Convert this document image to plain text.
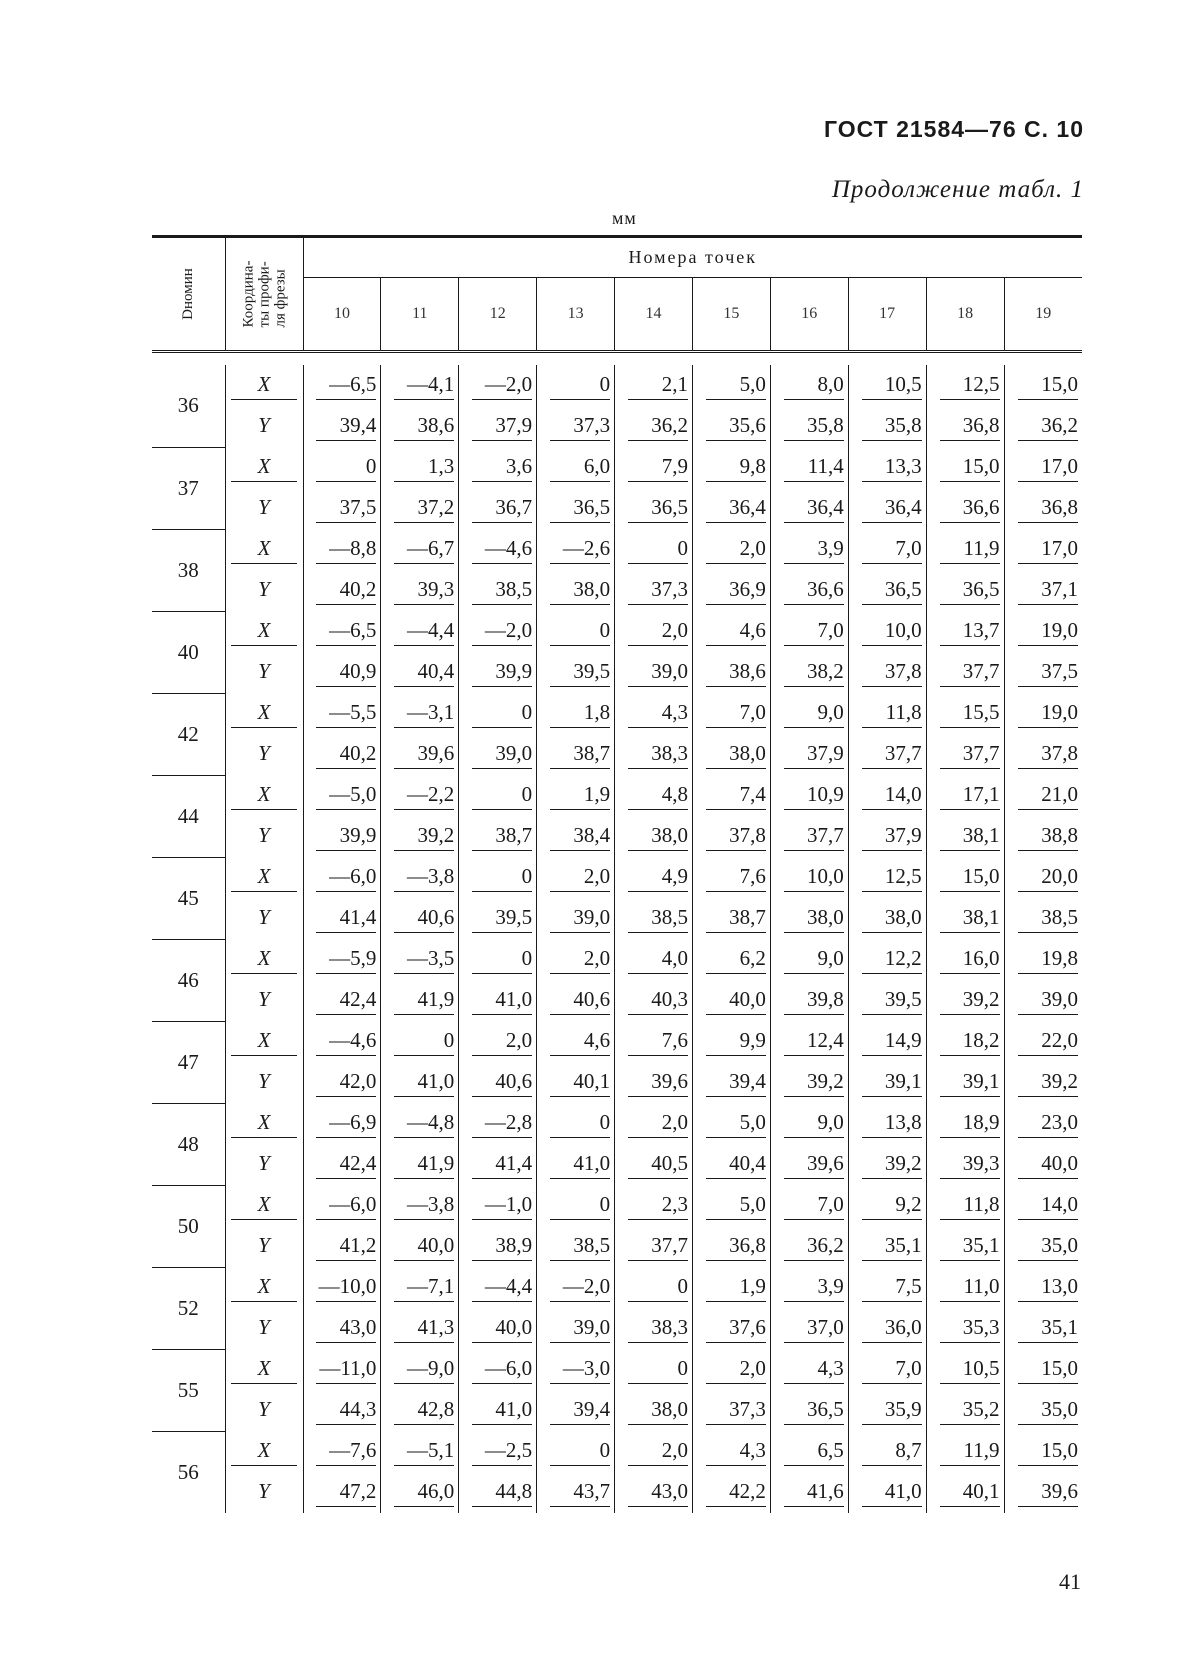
ГОСТ 21584—76 С. 10
Продолжение табл. 1
мм
Dномин	Координа- ты профи- ля фрезы	Номера точек									
		10	11	12	13	14	15	16	17	18	19

36	X	—6,5	—4,1	—2,0	0	2,1	5,0	8,0	10,5	12,5	15,0
	Y	39,4	38,6	37,9	37,3	36,2	35,6	35,8	35,8	36,8	36,2
37	X	0	1,3	3,6	6,0	7,9	9,8	11,4	13,3	15,0	17,0
	Y	37,5	37,2	36,7	36,5	36,5	36,4	36,4	36,4	36,6	36,8
38	X	—8,8	—6,7	—4,6	—2,6	0	2,0	3,9	7,0	11,9	17,0
	Y	40,2	39,3	38,5	38,0	37,3	36,9	36,6	36,5	36,5	37,1
40	X	—6,5	—4,4	—2,0	0	2,0	4,6	7,0	10,0	13,7	19,0
	Y	40,9	40,4	39,9	39,5	39,0	38,6	38,2	37,8	37,7	37,5
42	X	—5,5	—3,1	0	1,8	4,3	7,0	9,0	11,8	15,5	19,0
	Y	40,2	39,6	39,0	38,7	38,3	38,0	37,9	37,7	37,7	37,8
44	X	—5,0	—2,2	0	1,9	4,8	7,4	10,9	14,0	17,1	21,0
	Y	39,9	39,2	38,7	38,4	38,0	37,8	37,7	37,9	38,1	38,8
45	X	—6,0	—3,8	0	2,0	4,9	7,6	10,0	12,5	15,0	20,0
	Y	41,4	40,6	39,5	39,0	38,5	38,7	38,0	38,0	38,1	38,5
46	X	—5,9	—3,5	0	2,0	4,0	6,2	9,0	12,2	16,0	19,8
	Y	42,4	41,9	41,0	40,6	40,3	40,0	39,8	39,5	39,2	39,0
47	X	—4,6	0	2,0	4,6	7,6	9,9	12,4	14,9	18,2	22,0
	Y	42,0	41,0	40,6	40,1	39,6	39,4	39,2	39,1	39,1	39,2
48	X	—6,9	—4,8	—2,8	0	2,0	5,0	9,0	13,8	18,9	23,0
	Y	42,4	41,9	41,4	41,0	40,5	40,4	39,6	39,2	39,3	40,0
50	X	—6,0	—3,8	—1,0	0	2,3	5,0	7,0	9,2	11,8	14,0
	Y	41,2	40,0	38,9	38,5	37,7	36,8	36,2	35,1	35,1	35,0
52	X	—10,0	—7,1	—4,4	—2,0	0	1,9	3,9	7,5	11,0	13,0
	Y	43,0	41,3	40,0	39,0	38,3	37,6	37,0	36,0	35,3	35,1
55	X	—11,0	—9,0	—6,0	—3,0	0	2,0	4,3	7,0	10,5	15,0
	Y	44,3	42,8	41,0	39,4	38,0	37,3	36,5	35,9	35,2	35,0
56	X	—7,6	—5,1	—2,5	0	2,0	4,3	6,5	8,7	11,9	15,0
	Y	47,2	46,0	44,8	43,7	43,0	42,2	41,6	41,0	40,1	39,6
41
